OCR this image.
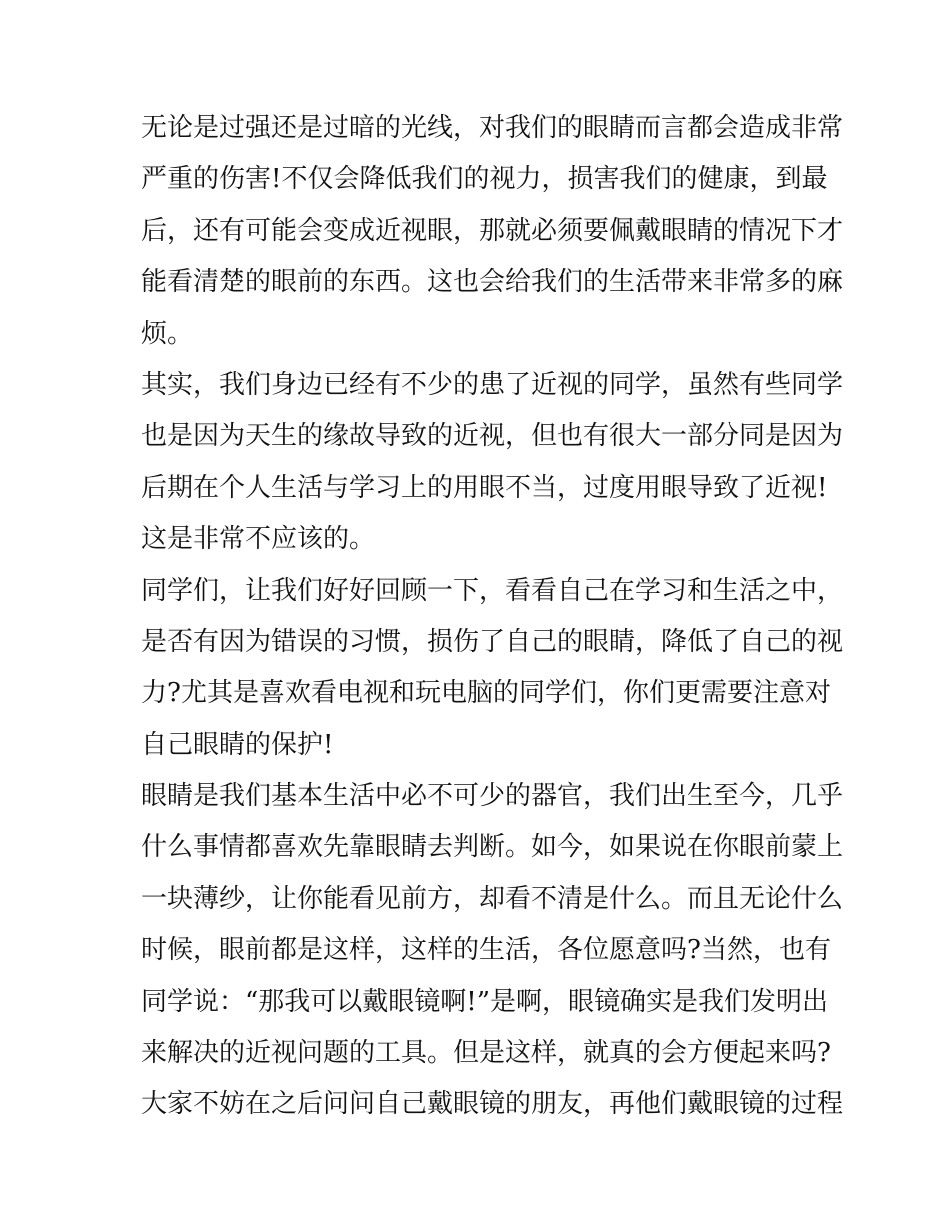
无论是过强还是过暗的光线，对我们的眼睛而言都会造成非常
严重的伤害!不仅会降低我们的视力，损害我们的健康，到最
后，还有可能会变成近视眼，那就必须要佩戴眼睛的情况下才
能看清楚的眼前的东西。这也会给我们的生活带来非常多的麻
烦。
其实，我们身边已经有不少的患了近视的同学，虽然有些同学
也是因为天生的缘故导致的近视，但也有很大一部分同是因为
后期在个人生活与学习上的用眼不当，过度用眼导致了近视!
这是非常不应该的。
同学们，让我们好好回顾一下，看看自己在学习和生活之中，
是否有因为错误的习惯，损伤了自己的眼睛，降低了自己的视
力?尤其是喜欢看电视和玩电脑的同学们，你们更需要注意对
自己眼睛的保护!
眼睛是我们基本生活中必不可少的器官，我们出生至今，几乎
什么事情都喜欢先靠眼睛去判断。如今，如果说在你眼前蒙上
一块薄纱，让你能看见前方，却看不清是什么。而且无论什么
时候，眼前都是这样，这样的生活，各位愿意吗?当然，也有
同学说：“那我可以戴眼镜啊!”是啊，眼镜确实是我们发明出
来解决的近视问题的工具。但是这样，就真的会方便起来吗?
大家不妨在之后问问自己戴眼镜的朋友，再他们戴眼镜的过程
